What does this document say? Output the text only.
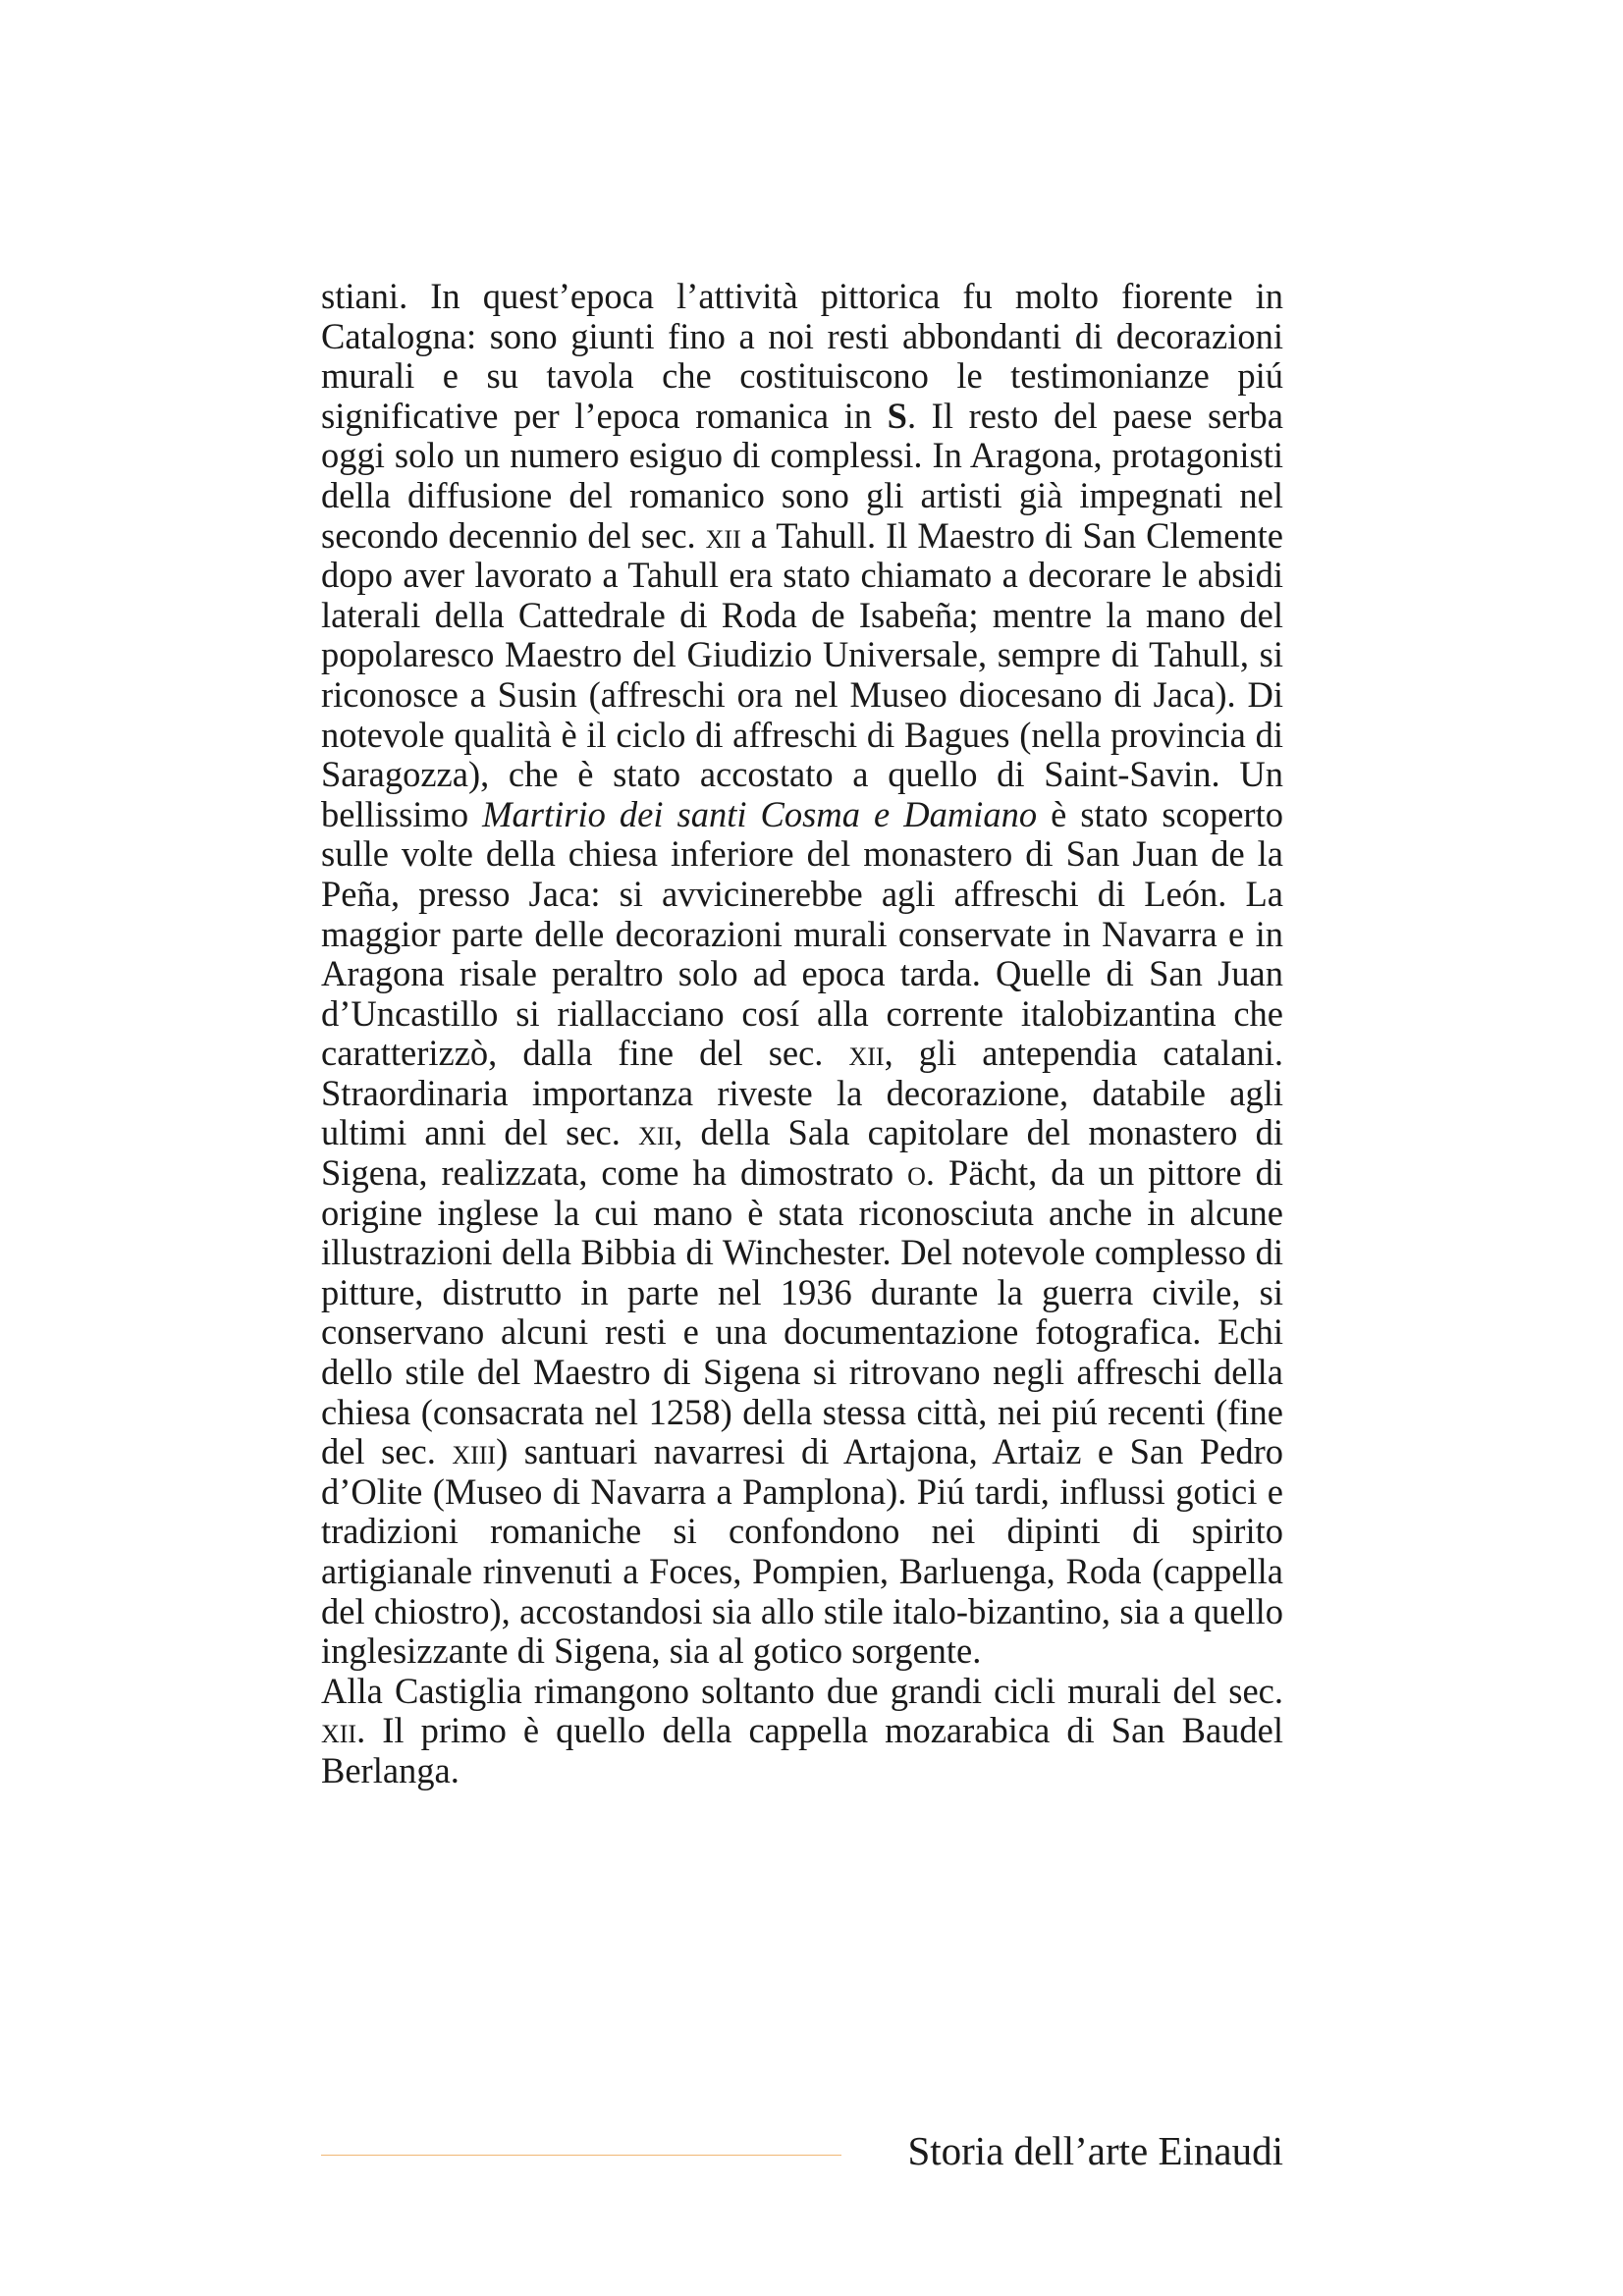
stiani. In quest’epoca l’attività pittorica fu molto fiorente in Catalogna: sono giunti fino a noi resti abbondanti di decorazioni murali e su tavola che costituiscono le testimonianze piú significative per l’epoca romanica in S. Il resto del paese serba oggi solo un numero esiguo di complessi. In Aragona, protagonisti della diffusione del romanico sono gli artisti già impegnati nel secondo decennio del sec. xii a Tahull. Il Maestro di San Clemente dopo aver lavorato a Tahull era stato chiamato a decorare le absidi laterali della Cattedrale di Roda de Isabeña; mentre la mano del popolaresco Maestro del Giudizio Universale, sempre di Tahull, si riconosce a Susin (affreschi ora nel Museo diocesano di Jaca). Di notevole qualità è il ciclo di affreschi di Bagues (nella provincia di Saragozza), che è stato accostato a quello di Saint-Savin. Un bellissimo Martirio dei santi Cosma e Damiano è stato scoperto sulle volte della chiesa inferiore del monastero di San Juan de la Peña, presso Jaca: si avvicinerebbe agli affreschi di León. La maggior parte delle decorazioni murali conservate in Navarra e in Aragona risale peraltro solo ad epoca tarda. Quelle di San Juan d’Uncastillo si riallacciano cosí alla corrente italobizantina che caratterizzò, dalla fine del sec. xii, gli antependia catalani. Straordinaria importanza riveste la decorazione, databile agli ultimi anni del sec. xii, della Sala capitolare del monastero di Sigena, realizzata, come ha dimostrato o. Pächt, da un pittore di origine inglese la cui mano è stata riconosciuta anche in alcune illustrazioni della Bibbia di Winchester. Del notevole complesso di pitture, distrutto in parte nel 1936 durante la guerra civile, si conservano alcuni resti e una documentazione fotografica. Echi dello stile del Maestro di Sigena si ritrovano negli affreschi della chiesa (consacrata nel 1258) della stessa città, nei piú recenti (fine del sec. xiii) santuari navarresi di Artajona, Artaiz e San Pedro d’Olite (Museo di Navarra a Pamplona). Piú tardi, influssi gotici e tradizioni romaniche si confondono nei dipinti di spirito artigianale rinvenuti a Foces, Pompien, Barluenga, Roda (cappella del chiostro), accostandosi sia allo stile italo-bizantino, sia a quello inglesizzante di Sigena, sia al gotico sorgente.

Alla Castiglia rimangono soltanto due grandi cicli murali del sec. xii. Il primo è quello della cappella mozarabica di San Baudel Berlanga.

Storia dell’arte Einaudi
